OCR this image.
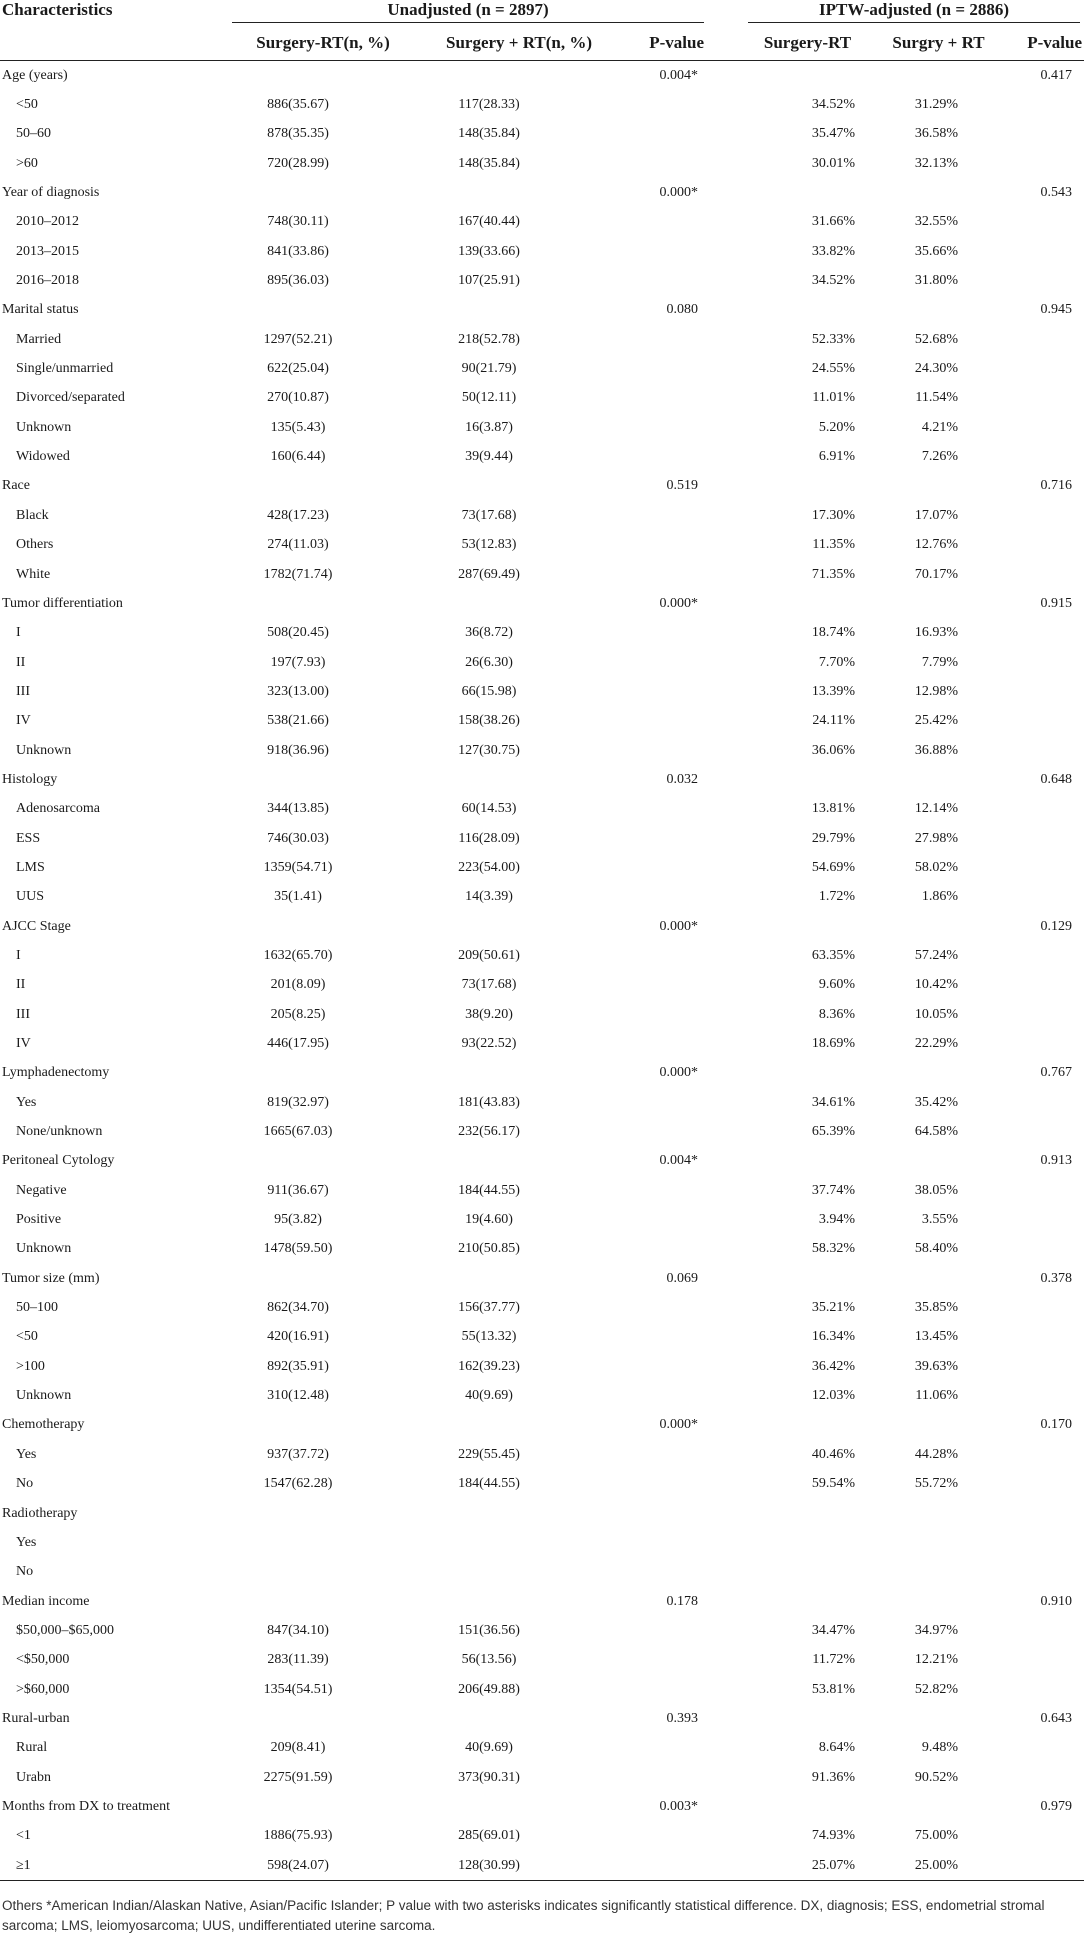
Characteristics	Unadjusted (n = 2897)				IPTW-adjusted (n = 2886)		

	Surgery-RT(n, %)	Surgery + RT(n, %)	P-value		Surgery-RT	Surgry + RT	P-value
Age (years)			0.004*				0.417
<50	886(35.67)	117(28.33)			34.52%	31.29%	
50–60	878(35.35)	148(35.84)			35.47%	36.58%	
>60	720(28.99)	148(35.84)			30.01%	32.13%	
Year of diagnosis			0.000*				0.543
2010–2012	748(30.11)	167(40.44)			31.66%	32.55%	
2013–2015	841(33.86)	139(33.66)			33.82%	35.66%	
2016–2018	895(36.03)	107(25.91)			34.52%	31.80%	
Marital status			0.080				0.945
Married	1297(52.21)	218(52.78)			52.33%	52.68%	
Single/unmarried	622(25.04)	90(21.79)			24.55%	24.30%	
Divorced/separated	270(10.87)	50(12.11)			11.01%	11.54%	
Unknown	135(5.43)	16(3.87)			5.20%	4.21%	
Widowed	160(6.44)	39(9.44)			6.91%	7.26%	
Race			0.519				0.716
Black	428(17.23)	73(17.68)			17.30%	17.07%	
Others	274(11.03)	53(12.83)			11.35%	12.76%	
White	1782(71.74)	287(69.49)			71.35%	70.17%	
Tumor differentiation			0.000*				0.915
I	508(20.45)	36(8.72)			18.74%	16.93%	
II	197(7.93)	26(6.30)			7.70%	7.79%	
III	323(13.00)	66(15.98)			13.39%	12.98%	
IV	538(21.66)	158(38.26)			24.11%	25.42%	
Unknown	918(36.96)	127(30.75)			36.06%	36.88%	
Histology			0.032				0.648
Adenosarcoma	344(13.85)	60(14.53)			13.81%	12.14%	
ESS	746(30.03)	116(28.09)			29.79%	27.98%	
LMS	1359(54.71)	223(54.00)			54.69%	58.02%	
UUS	35(1.41)	14(3.39)			1.72%	1.86%	
AJCC Stage			0.000*				0.129
I	1632(65.70)	209(50.61)			63.35%	57.24%	
II	201(8.09)	73(17.68)			9.60%	10.42%	
III	205(8.25)	38(9.20)			8.36%	10.05%	
IV	446(17.95)	93(22.52)			18.69%	22.29%	
Lymphadenectomy			0.000*				0.767
Yes	819(32.97)	181(43.83)			34.61%	35.42%	
None/unknown	1665(67.03)	232(56.17)			65.39%	64.58%	
Peritoneal Cytology			0.004*				0.913
Negative	911(36.67)	184(44.55)			37.74%	38.05%	
Positive	95(3.82)	19(4.60)			3.94%	3.55%	
Unknown	1478(59.50)	210(50.85)			58.32%	58.40%	
Tumor size (mm)			0.069				0.378
50–100	862(34.70)	156(37.77)			35.21%	35.85%	
<50	420(16.91)	55(13.32)			16.34%	13.45%	
>100	892(35.91)	162(39.23)			36.42%	39.63%	
Unknown	310(12.48)	40(9.69)			12.03%	11.06%	
Chemotherapy			0.000*				0.170
Yes	937(37.72)	229(55.45)			40.46%	44.28%	
No	1547(62.28)	184(44.55)			59.54%	55.72%	
Radiotherapy							
Yes							
No							
Median income			0.178				0.910
$50,000–$65,000	847(34.10)	151(36.56)			34.47%	34.97%	
<$50,000	283(11.39)	56(13.56)			11.72%	12.21%	
>$60,000	1354(54.51)	206(49.88)			53.81%	52.82%	
Rural-urban			0.393				0.643
Rural	209(8.41)	40(9.69)			8.64%	9.48%	
Urabn	2275(91.59)	373(90.31)			91.36%	90.52%	
Months from DX to treatment			0.003*				0.979
<1	1886(75.93)	285(69.01)			74.93%	75.00%	
≥1	598(24.07)	128(30.99)			25.07%	25.00%	
Others *American Indian/Alaskan Native, Asian/Pacific Islander; P value with two asterisks indicates significantly statistical difference. DX, diagnosis; ESS, endometrial stromal sarcoma; LMS, leiomyosarcoma; UUS, undifferentiated uterine sarcoma.
